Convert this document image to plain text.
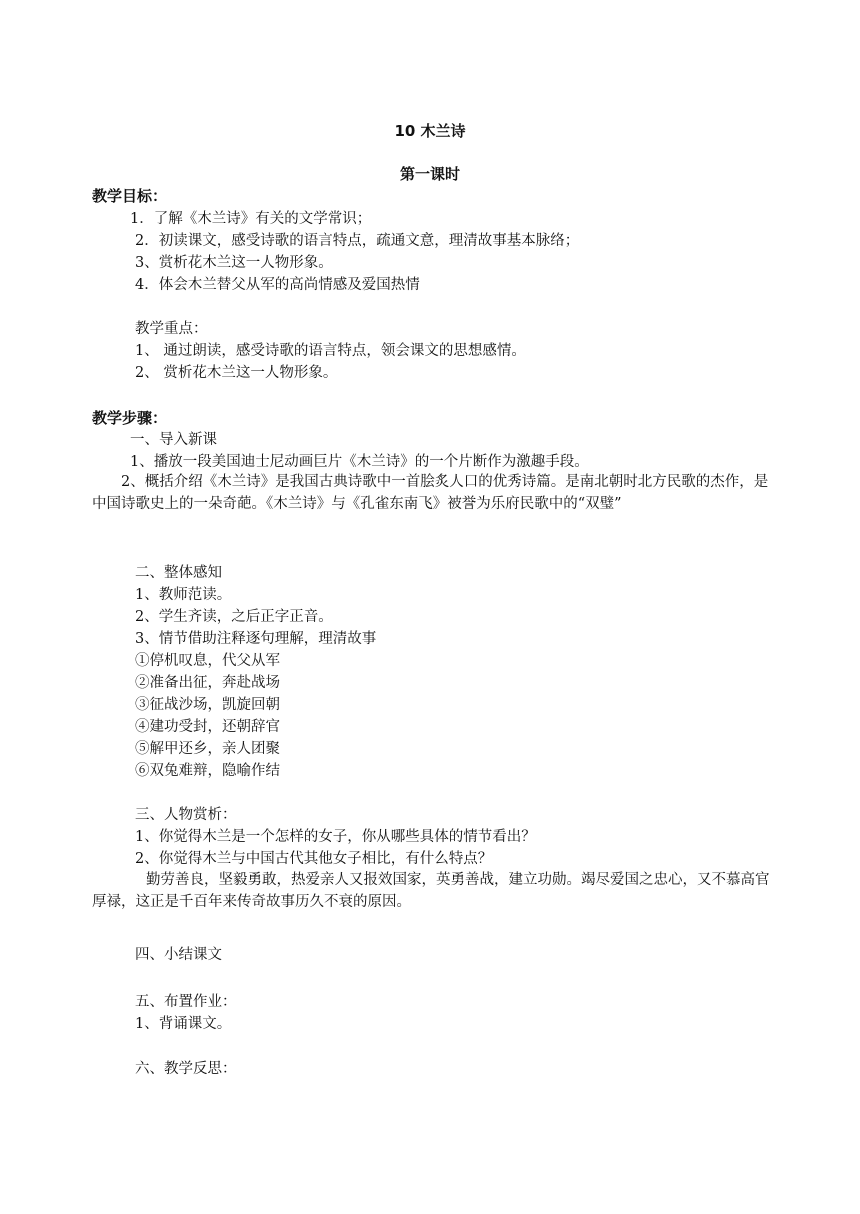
10 木兰诗
第一课时
教学目标：
1．了解《木兰诗》有关的文学常识；
2．初读课文，感受诗歌的语言特点，疏通文意，理清故事基本脉络；
3、赏析花木兰这一人物形象。
4．体会木兰替父从军的高尚情感及爱国热情
教学重点：
1、 通过朗读，感受诗歌的语言特点，领会课文的思想感情。
2、 赏析花木兰这一人物形象。
教学步骤：
一、导入新课
1、播放一段美国迪士尼动画巨片《木兰诗》的一个片断作为激趣手段。
2、概括介绍《木兰诗》是我国古典诗歌中一首脍炙人口的优秀诗篇。是南北朝时北方民歌的杰作，是中国诗歌史上的一朵奇葩。《木兰诗》与《孔雀东南飞》被誉为乐府民歌中的“双璧”
二、整体感知
1、教师范读。
2、学生齐读，之后正字正音。
3、情节借助注释逐句理解，理清故事
①停机叹息，代父从军
②准备出征，奔赴战场
③征战沙场，凯旋回朝
④建功受封，还朝辞官
⑤解甲还乡，亲人团聚
⑥双兔难辩，隐喻作结
三、人物赏析：
1、你觉得木兰是一个怎样的女子，你从哪些具体的情节看出？
2、你觉得木兰与中国古代其他女子相比，有什么特点？
勤劳善良，坚毅勇敢，热爱亲人又报效国家，英勇善战，建立功勋。竭尽爱国之忠心，又不慕高官厚禄，这正是千百年来传奇故事历久不衰的原因。
四、小结课文
五、布置作业：
1、背诵课文。
六、教学反思：
